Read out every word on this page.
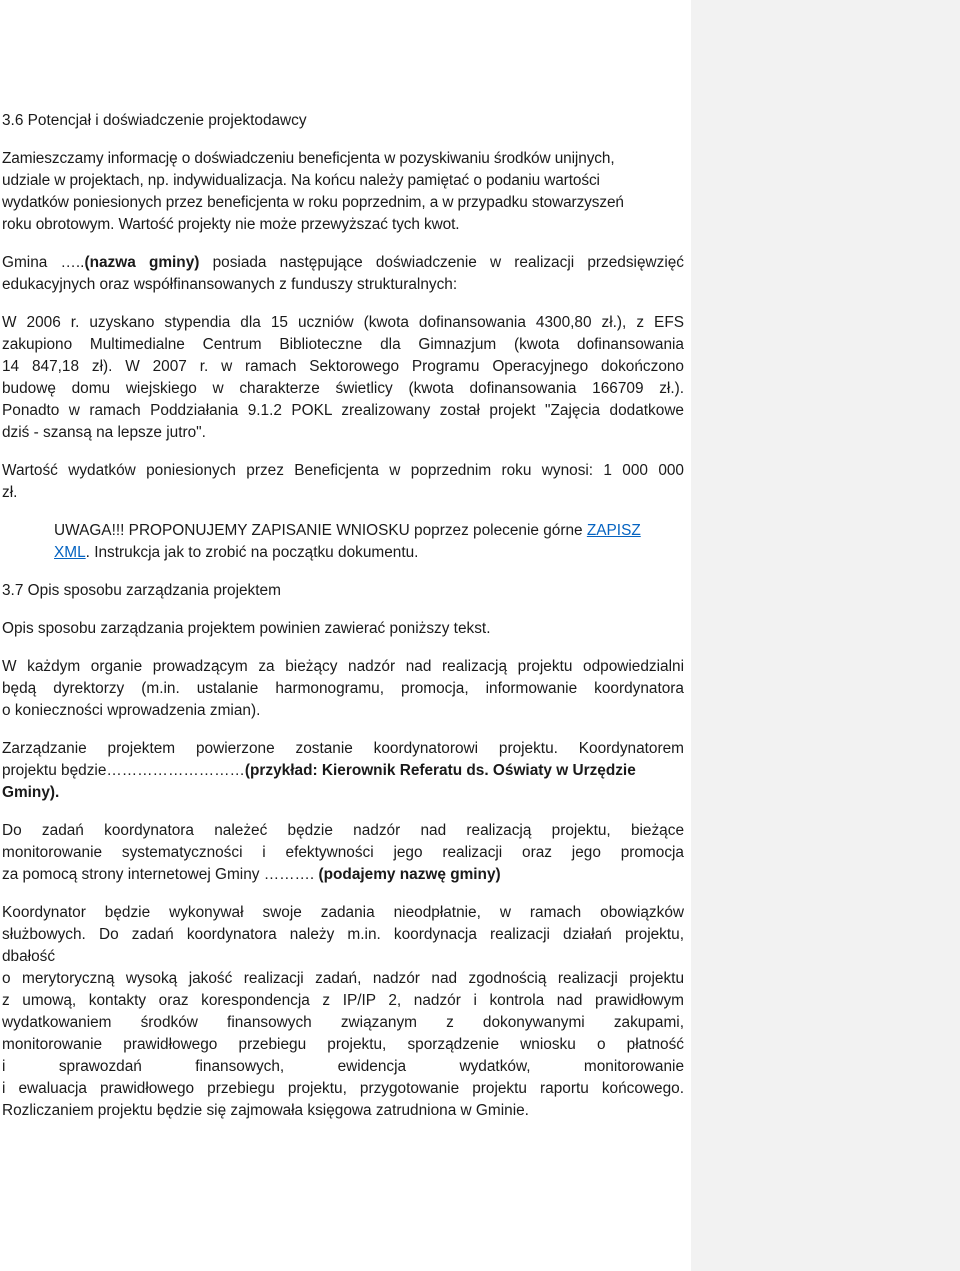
3.6 Potencjał i doświadczenie projektodawcy
Zamieszczamy informację o doświadczeniu beneficjenta w pozyskiwaniu środków unijnych,
udziale w projektach, np. indywidualizacja. Na końcu należy pamiętać o podaniu wartości
wydatków poniesionych przez beneficjenta w roku poprzednim, a w przypadku stowarzyszeń
roku obrotowym. Wartość projekty nie może przewyższać tych kwot.
Gmina …..(nazwa gminy) posiada następujące doświadczenie w realizacji przedsięwzięć edukacyjnych oraz współfinansowanych z funduszy strukturalnych:
W 2006 r. uzyskano stypendia dla 15 uczniów (kwota dofinansowania 4300,80 zł.), z EFS
zakupiono Multimedialne Centrum Biblioteczne dla Gimnazjum (kwota dofinansowania
14 847,18 zł). W 2007 r. w ramach Sektorowego Programu Operacyjnego dokończono
budowę domu wiejskiego w charakterze świetlicy (kwota dofinansowania 166709 zł.).
Ponadto w ramach Poddziałania 9.1.2 POKL zrealizowany został projekt "Zajęcia dodatkowe
dziś - szansą na lepsze jutro".
Wartość wydatków poniesionych przez Beneficjenta w poprzednim roku wynosi: 1 000 000
zł.
UWAGA!!! PROPONUJEMY ZAPISANIE WNIOSKU poprzez polecenie górne ZAPISZ
XML. Instrukcja jak to zrobić na początku dokumentu.
3.7 Opis sposobu zarządzania projektem
Opis sposobu zarządzania projektem powinien zawierać poniższy tekst.
W każdym organie prowadzącym za bieżący nadzór nad realizacją projektu odpowiedzialni
będą dyrektorzy (m.in. ustalanie harmonogramu, promocja, informowanie koordynatora
o konieczności wprowadzenia zmian).
Zarządzanie projektem powierzone zostanie koordynatorowi projektu. Koordynatorem
projektu będzie………………………(przykład: Kierownik Referatu ds. Oświaty w Urzędzie Gminy).
Do zadań koordynatora należeć będzie nadzór nad realizacją projektu, bieżące
monitorowanie systematyczności i efektywności jego realizacji oraz jego promocja
za pomocą strony internetowej Gminy ………. (podajemy nazwę gminy)
Koordynator będzie wykonywał swoje zadania nieodpłatnie, w ramach obowiązków
służbowych. Do zadań koordynatora należy m.in. koordynacja realizacji działań projektu,
dbałość
o merytoryczną wysoką jakość realizacji zadań, nadzór nad zgodnością realizacji projektu
z umową, kontakty oraz korespondencja z IP/IP 2, nadzór i kontrola nad prawidłowym
wydatkowaniem środków finansowych związanym z dokonywanymi zakupami,
monitorowanie prawidłowego przebiegu projektu, sporządzenie wniosku o płatność
i sprawozdań finansowych, ewidencja wydatków, monitorowanie
i ewaluacja prawidłowego przebiegu projektu, przygotowanie projektu raportu końcowego.
Rozliczaniem projektu będzie się zajmowała księgowa zatrudniona w Gminie.
